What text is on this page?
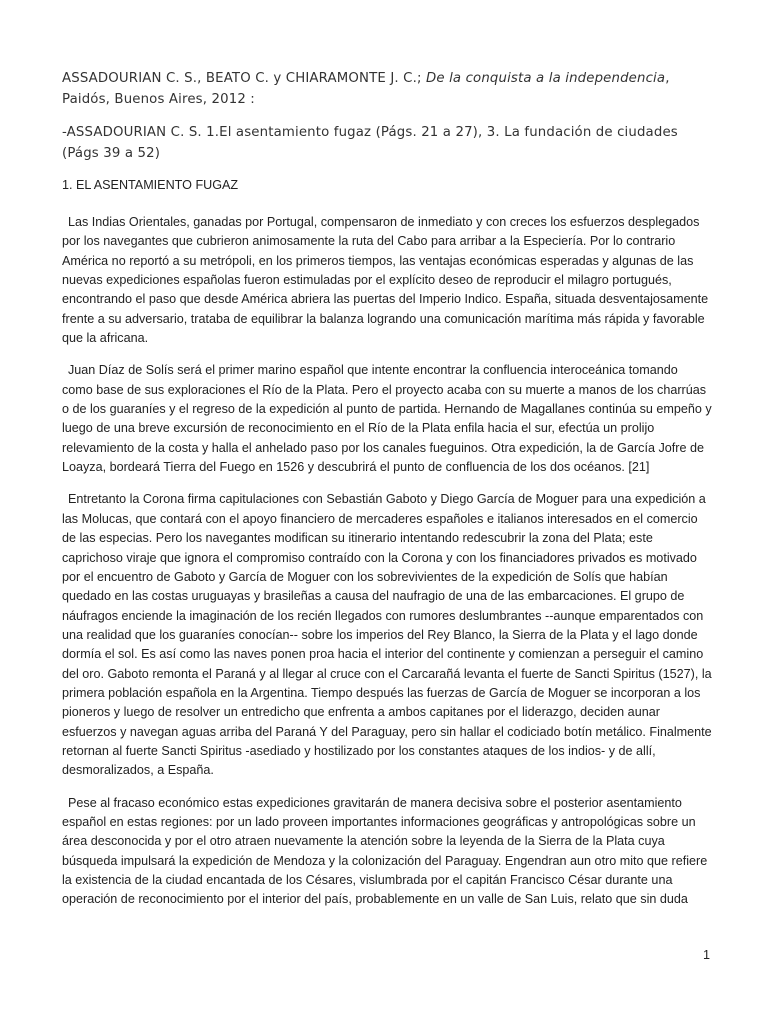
ASSADOURIAN C. S., BEATO C. y CHIARAMONTE J. C.; De la conquista a la independencia, Paidós, Buenos Aires, 2012 :

-ASSADOURIAN C. S. 1.El asentamiento fugaz (Págs. 21 a 27), 3. La fundación de ciudades (Págs 39 a 52)

1. EL ASENTAMIENTO FUGAZ

Las Indias Orientales, ganadas por Portugal, compensaron de inmediato y con creces los esfuerzos desplegados por los navegantes que cubrieron animosamente la ruta del Cabo para arribar a la Especiería. Por lo contrario América no reportó a su metrópoli, en los primeros tiempos, las ventajas económicas esperadas y algunas de las nuevas expediciones españolas fueron estimuladas por el explícito deseo de reproducir el milagro portugués, encontrando el paso que desde América abriera las puertas del Imperio Indico. España, situada desventajosamente frente a su adversario, trataba de equilibrar la balanza logrando una comunicación marítima más rápida y favorable que la africana.

Juan Díaz de Solís será el primer marino español que intente encontrar la confluencia interoceánica tomando como base de sus exploraciones el Río de la Plata. Pero el proyecto acaba con su muerte a manos de los charrúas o de los guaraníes y el regreso de la expedición al punto de partida. Hernando de Magallanes continúa su empeño y luego de una breve excursión de reconocimiento en el Río de la Plata enfila hacia el sur, efectúa un prolijo relevamiento de la costa y halla el anhelado paso por los canales fueguinos. Otra expedición, la de García Jofre de Loayza, bordeará Tierra del Fuego en 1526 y descubrirá el punto de confluencia de los dos océanos. [21]

Entretanto la Corona firma capitulaciones con Sebastián Gaboto y Diego García de Moguer para una expedición a las Molucas, que contará con el apoyo financiero de mercaderes españoles e italianos interesados en el comercio de las especias. Pero los navegantes modifican su itinerario intentando redescubrir la zona del Plata; este caprichoso viraje que ignora el compromiso contraído con la Corona y con los financiadores privados es motivado por el encuentro de Gaboto y García de Moguer con los sobrevivientes de la expedición de Solís que habían quedado en las costas uruguayas y brasileñas a causa del naufragio de una de las embarcaciones. El grupo de náufragos enciende la imaginación de los recién llegados con rumores deslumbrantes --aunque emparentados con una realidad que los guaraníes conocían-- sobre los imperios del Rey Blanco, la Sierra de la Plata y el lago donde dormía el sol. Es así como las naves ponen proa hacia el interior del continente y comienzan a perseguir el camino del oro. Gaboto remonta el Paraná y al llegar al cruce con el Carcarañá levanta el fuerte de Sancti Spiritus (1527), la primera población española en la Argentina. Tiempo después las fuerzas de García de Moguer se incorporan a los pioneros y luego de resolver un entredicho que enfrenta a ambos capitanes por el liderazgo, deciden aunar esfuerzos y navegan aguas arriba del Paraná Y del Paraguay, pero sin hallar el codiciado botín metálico. Finalmente retornan al fuerte Sancti Spiritus -asediado y hostilizado por los constantes ataques de los indios- y de allí, desmoralizados, a España.

Pese al fracaso económico estas expediciones gravitarán de manera decisiva sobre el posterior asentamiento español en estas regiones: por un lado proveen importantes informaciones geográficas y antropológicas sobre un área desconocida y por el otro atraen nuevamente la atención sobre la leyenda de la Sierra de la Plata cuya búsqueda impulsará la expedición de Mendoza y la colonización del Paraguay. Engendran aun otro mito que refiere la existencia de la ciudad encantada de los Césares, vislumbrada por el capitán Francisco César durante una operación de reconocimiento por el interior del país, probablemente en un valle de San Luis, relato que sin duda

1
